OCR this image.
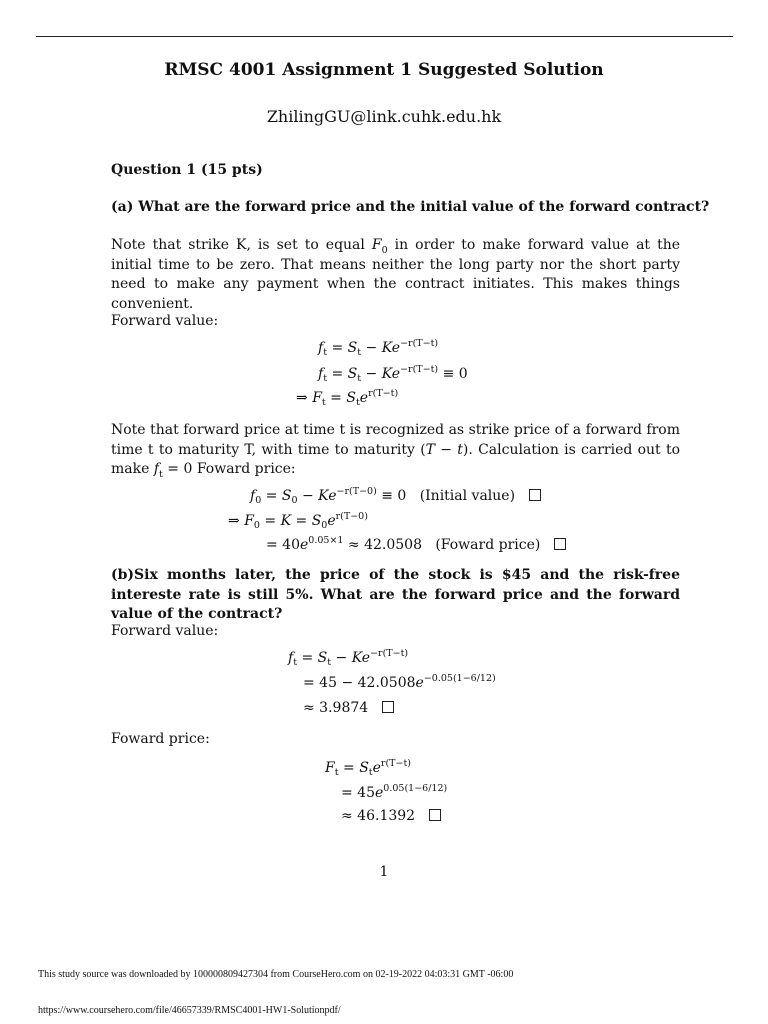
RMSC 4001 Assignment 1 Suggested Solution
ZhilingGU@link.cuhk.edu.hk
Question 1 (15 pts)
(a) What are the forward price and the initial value of the forward contract?
Note that strike K, is set to equal $F_0$ in order to make forward value at the initial time to be zero. That means neither the long party nor the short party need to make any payment when the contract initiates. This makes things convenient.
Forward value:
$f_t = S_t - Ke^{-r(T-t)}$
$f_t = S_t - Ke^{-r(T-t)} \equiv 0$
⇒ $F_t = S_te^{r(T-t)}$
Note that forward price at time t is recognized as strike price of a forward from time t to maturity T, with time to maturity (T − t). Calculation is carried out to make $f_t = 0$ Foward price:
$f_0 = S_0 - Ke^{-r(T-0)} \equiv 0$   (Initial value)
⇒ $F_0 = K = S_0e^{r(T-0)}$
= $40e^{0.05\times 1} \approx 42.0508$   (Foward price)
(b)Six months later, the price of the stock is $45 and the risk-free intereste rate is still 5%. What are the forward price and the forward value of the contract?
Forward value:
$f_t = S_t - Ke^{-r(T-t)}$
= $45 - 42.0508e^{-0.05(1-6/12)}$
≈ 3.9874
Foward price:
$F_t = S_te^{r(T-t)}$
= $45e^{0.05(1-6/12)}$
≈ 46.1392
1
This study source was downloaded by 100000809427304 from CourseHero.com on 02-19-2022 04:03:31 GMT -06:00
https://www.coursehero.com/file/46657339/RMSC4001-HW1-Solutionpdf/
